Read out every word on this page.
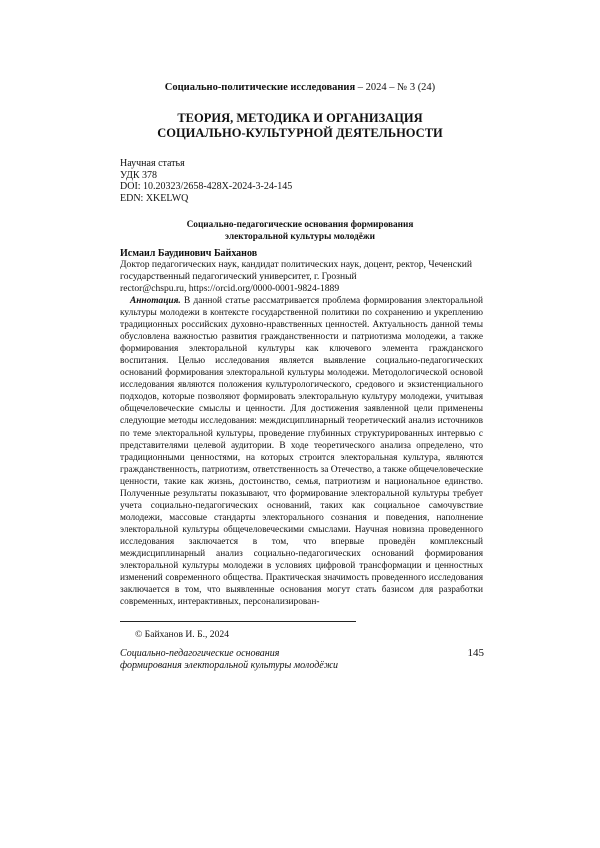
Социально-политические исследования – 2024 – № 3 (24)
ТЕОРИЯ, МЕТОДИКА И ОРГАНИЗАЦИЯ
СОЦИАЛЬНО-КУЛЬТУРНОЙ ДЕЯТЕЛЬНОСТИ
Научная статья
УДК 378
DOI: 10.20323/2658-428X-2024-3-24-145
EDN: XKELWQ
Социально-педагогические основания формирования
электоральной культуры молодёжи
Исмаил Баудинович Байханов
Доктор педагогических наук, кандидат политических наук, доцент, ректор, Чеченский государственный педагогический университет, г. Грозный
rector@chspu.ru, https://orcid.org/0000-0001-9824-1889
Аннотация. В данной статье рассматривается проблема формирования электоральной культуры молодежи в контексте государственной политики по сохранению и укреплению традиционных российских духовно-нравственных ценностей. Актуальность данной темы обусловлена важностью развития гражданственности и патриотизма молодежи, а также формирования электоральной культуры как ключевого элемента гражданского воспитания. Целью исследования является выявление социально-педагогических оснований формирования электоральной культуры молодежи. Методологической основой исследования являются положения культурологического, средового и экзистенциального подходов, которые позволяют формировать электоральную культуру молодежи, учитывая общечеловеческие смыслы и ценности. Для достижения заявленной цели применены следующие методы исследования: междисциплинарный теоретический анализ источников по теме электоральной культуры, проведение глубинных структурированных интервью с представителями целевой аудитории. В ходе теоретического анализа определено, что традиционными ценностями, на которых строится электоральная культура, являются гражданственность, патриотизм, ответственность за Отечество, а также общечеловеческие ценности, такие как жизнь, достоинство, семья, патриотизм и национальное единство. Полученные результаты показывают, что формирование электоральной культуры требует учета социально-педагогических оснований, таких как социальное самочувствие молодежи, массовые стандарты электорального сознания и поведения, наполнение электоральной культуры общечеловеческими смыслами. Научная новизна проведенного исследования заключается в том, что впервые проведён комплексный междисциплинарный анализ социально-педагогических оснований формирования электоральной культуры молодежи в условиях цифровой трансформации и ценностных изменений современного общества. Практическая значимость проведенного исследования заключается в том, что выявленные основания могут стать базисом для разработки современных, интерактивных, персонализирован-
© Байханов И. Б., 2024
Социально-педагогические основания
формирования электоральной культуры молодёжи
145
